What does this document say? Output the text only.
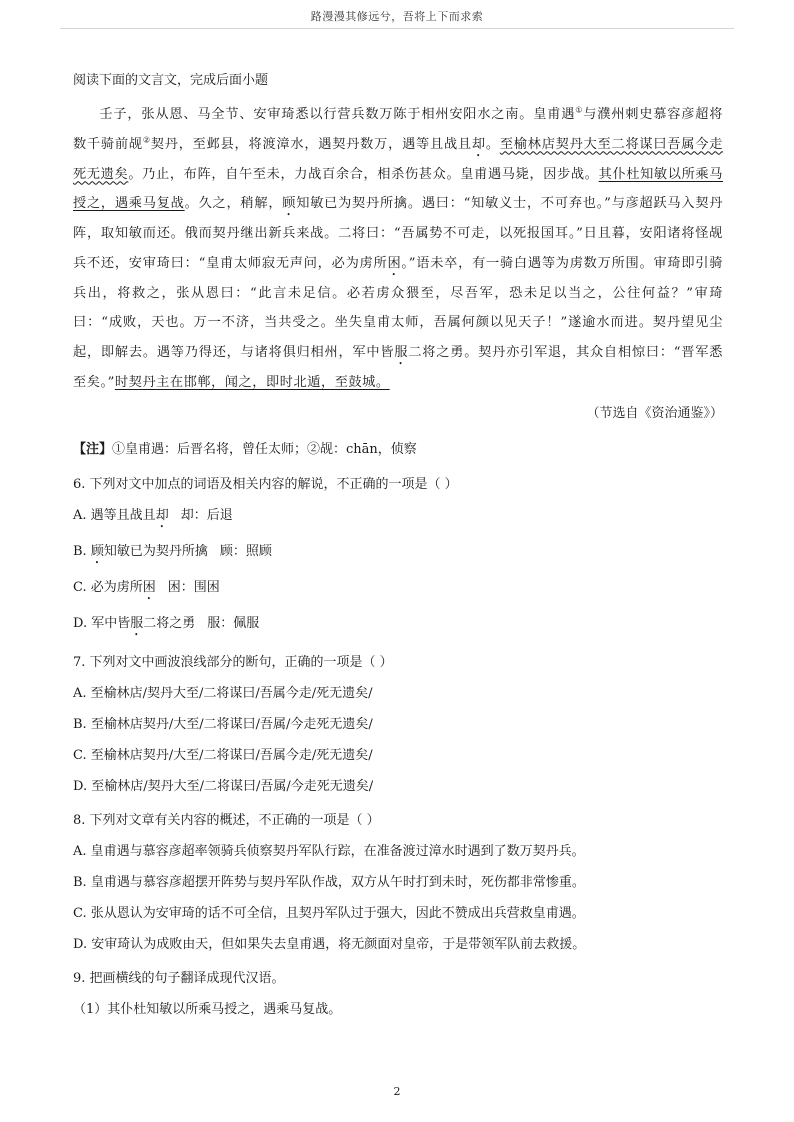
路漫漫其修远兮，吾将上下而求索
阅读下面的文言文，完成后面小题

壬子，张从恩、马全节、安审琦悉以行营兵数万陈于相州安阳水之南。皇甫遇①与濮州刺史慕容彦超将数千骑前觇②契丹，至邺县，将渡漳水，遇契丹数万，遇等且战且却。至榆林店契丹大至二将谋曰吾属今走死无遗矣。乃止，布阵，自午至未，力战百余合，相杀伤甚众。皇甫遇马毙，因步战。其仆杜知敏以所乘马授之，遇乘马复战。久之，稍解，顾知敏已为契丹所擒。遇曰：“知敏义士，不可弃也。”与彦超跃马入契丹阵，取知敏而还。俄而契丹继出新兵来战。二将曰：“吾属势不可走，以死报国耳。”日且暮，安阳诸将怪觇兵不还，安审琦曰：“皇甫太师寂无声问，必为虏所困。”语未卒，有一骑白遇等为虏数万所围。审琦即引骑兵出，将救之，张从恩曰：“此言未足信。必若虏众猥至，尽吾军，恐未足以当之，公往何益？”审琦曰：“成败，天也。万一不济，当共受之。坐失皇甫太师，吾属何颜以见天子！”遂逾水而进。契丹望见尘起，即解去。遇等乃得还，与诸将俱归相州，军中皆服二将之勇。契丹亦引军退，其众自相惊曰：“晋军悉至矣。”时契丹主在邯郸，闻之，即时北遁，至鼓城。

（节选自《资治通鉴》）
【注】①皇甫遇：后晋名将，曾任太师；②觇：chān，侦察
6. 下列对文中加点的词语及相关内容的解说，不正确的一项是（ ）
A. 遇等且战且却 却：后退
B. 顾知敏已为契丹所擒 顾：照顾
C. 必为虏所困 困：围困
D. 军中皆服二将之勇 服：佩服
7. 下列对文中画波浪线部分的断句，正确的一项是（ ）
A. 至榆林店/契丹大至/二将谋曰/吾属今走/死无遗矣/
B. 至榆林店契丹/大至/二将谋曰/吾属/今走死无遗矣/
C. 至榆林店契丹/大至/二将谋曰/吾属今走/死无遗矣/
D. 至榆林店/契丹大至/二将谋曰/吾属/今走死无遗矣/
8. 下列对文章有关内容的概述，不正确的一项是（ ）
A. 皇甫遇与慕容彦超率领骑兵侦察契丹军队行踪，在准备渡过漳水时遇到了数万契丹兵。
B. 皇甫遇与慕容彦超摆开阵势与契丹军队作战，双方从午时打到未时，死伤都非常惨重。
C. 张从恩认为安审琦的话不可全信，且契丹军队过于强大，因此不赞成出兵营救皇甫遇。
D. 安审琦认为成败由天，但如果失去皇甫遇，将无颜面对皇帝，于是带领军队前去救援。
9. 把画横线的句子翻译成现代汉语。
（1）其仆杜知敏以所乘马授之，遇乘马复战。
2
